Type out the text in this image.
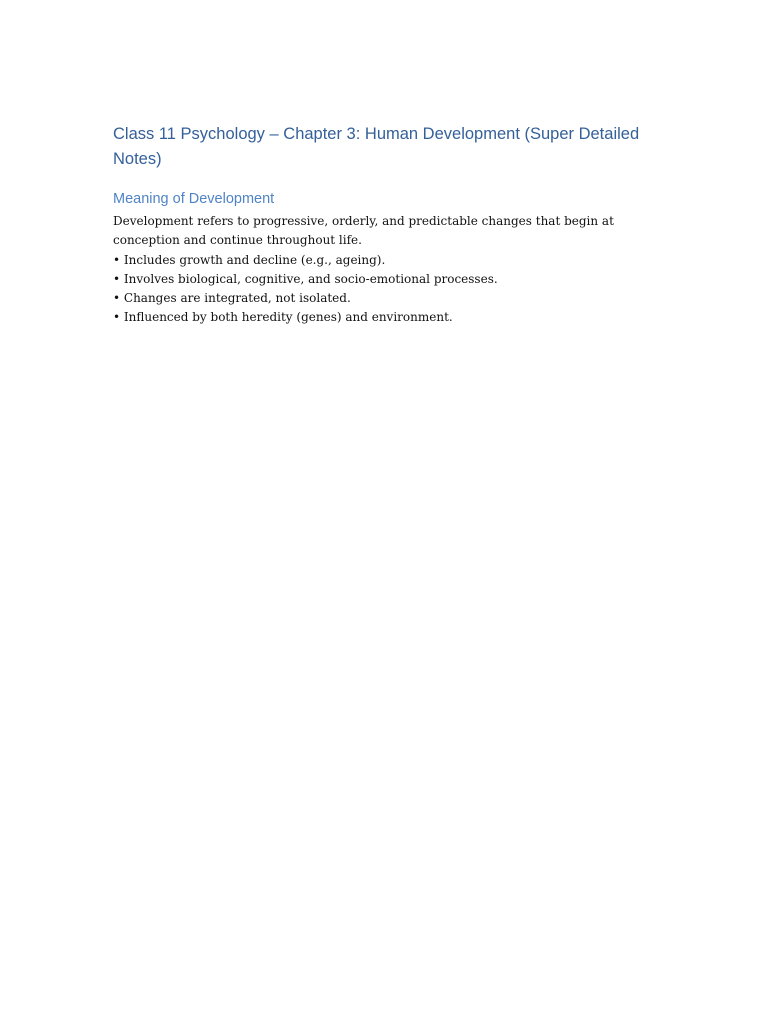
Class 11 Psychology – Chapter 3: Human Development (Super Detailed
Notes)
Meaning of Development
Development refers to progressive, orderly, and predictable changes that begin at
conception and continue throughout life.
• Includes growth and decline (e.g., ageing).
• Involves biological, cognitive, and socio-emotional processes.
• Changes are integrated, not isolated.
• Influenced by both heredity (genes) and environment.
